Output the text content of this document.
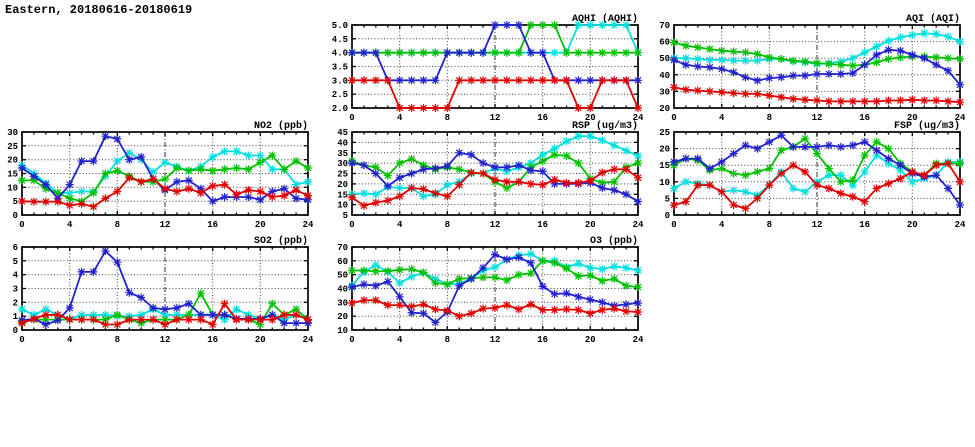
Eastern, 20180616-20180619
2.0
2.5
3.0
3.5
4.0
4.5
5.0
0	4	8	12	16	20	24
AQHI (AQHI)
20
30
40
50
60
70
0	4	8	12	16	20	24
AQI (AQI)
0
5
10
15
20
25
30
0	4	8	12	16	20	24
NO2 (ppb)
5
10
15
20
25
30
35
40
45
0	4	8	12	16	20	24
RSP (ug/m3)
0
5
10
15
20
25
0	4	8	12	16	20	24
FSP (ug/m3)
0
1
2
3
4
5
6
0	4	8	12	16	20	24
SO2 (ppb)
10
20
30
40
50
60
70
0	4	8	12	16	20	24
O3 (ppb)
